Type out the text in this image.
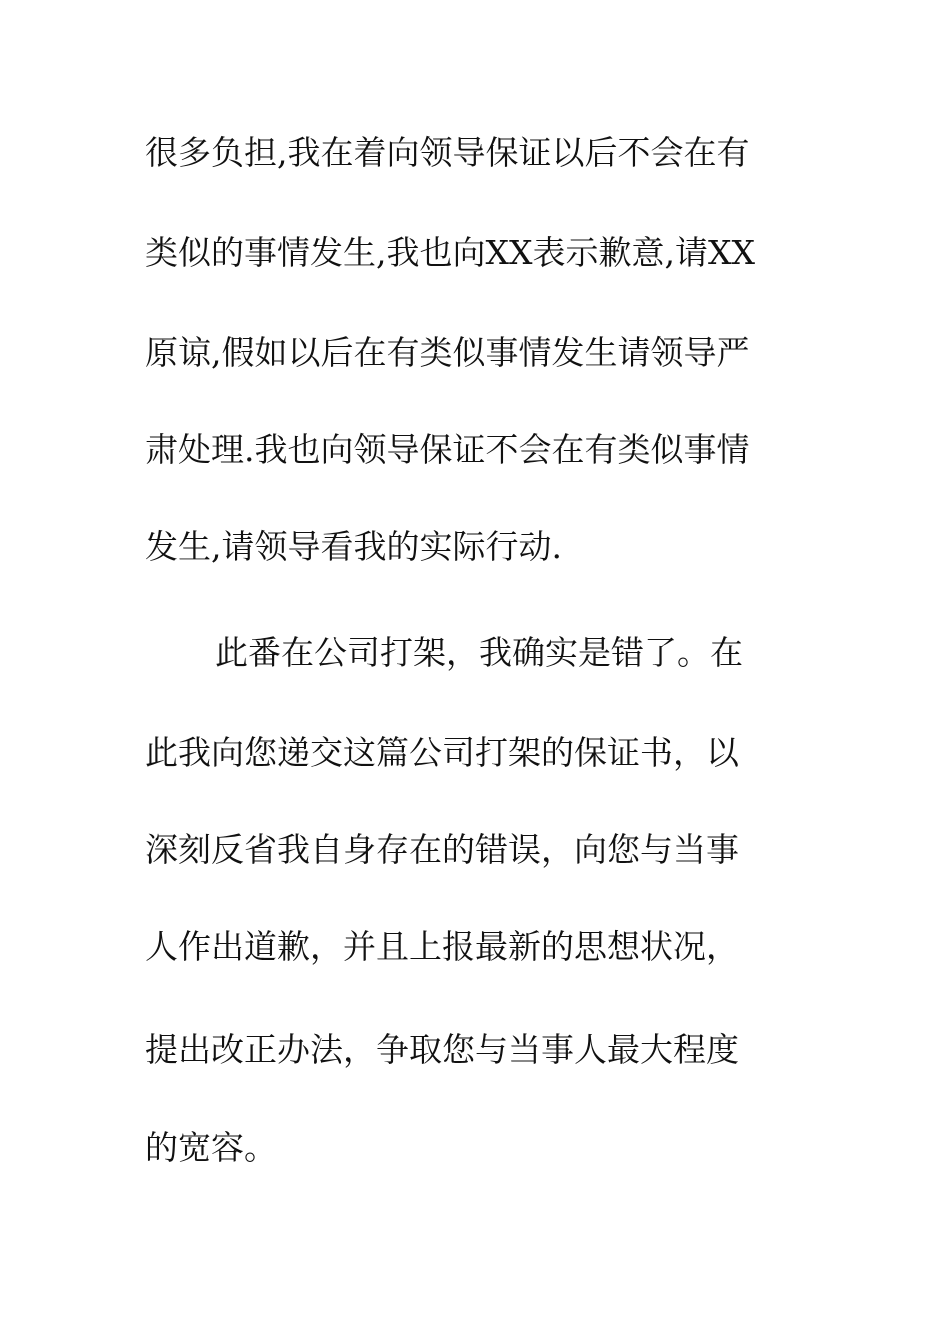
很多负担,我在着向领导保证以后不会在有
类似的事情发生,我也向XX表示歉意,请XX
原谅,假如以后在有类似事情发生请领导严
肃处理.我也向领导保证不会在有类似事情
发生,请领导看我的实际行动.
此番在公司打架，我确实是错了。在
此我向您递交这篇公司打架的保证书，以
深刻反省我自身存在的错误，向您与当事
人作出道歉，并且上报最新的思想状况，
提出改正办法，争取您与当事人最大程度
的宽容。
